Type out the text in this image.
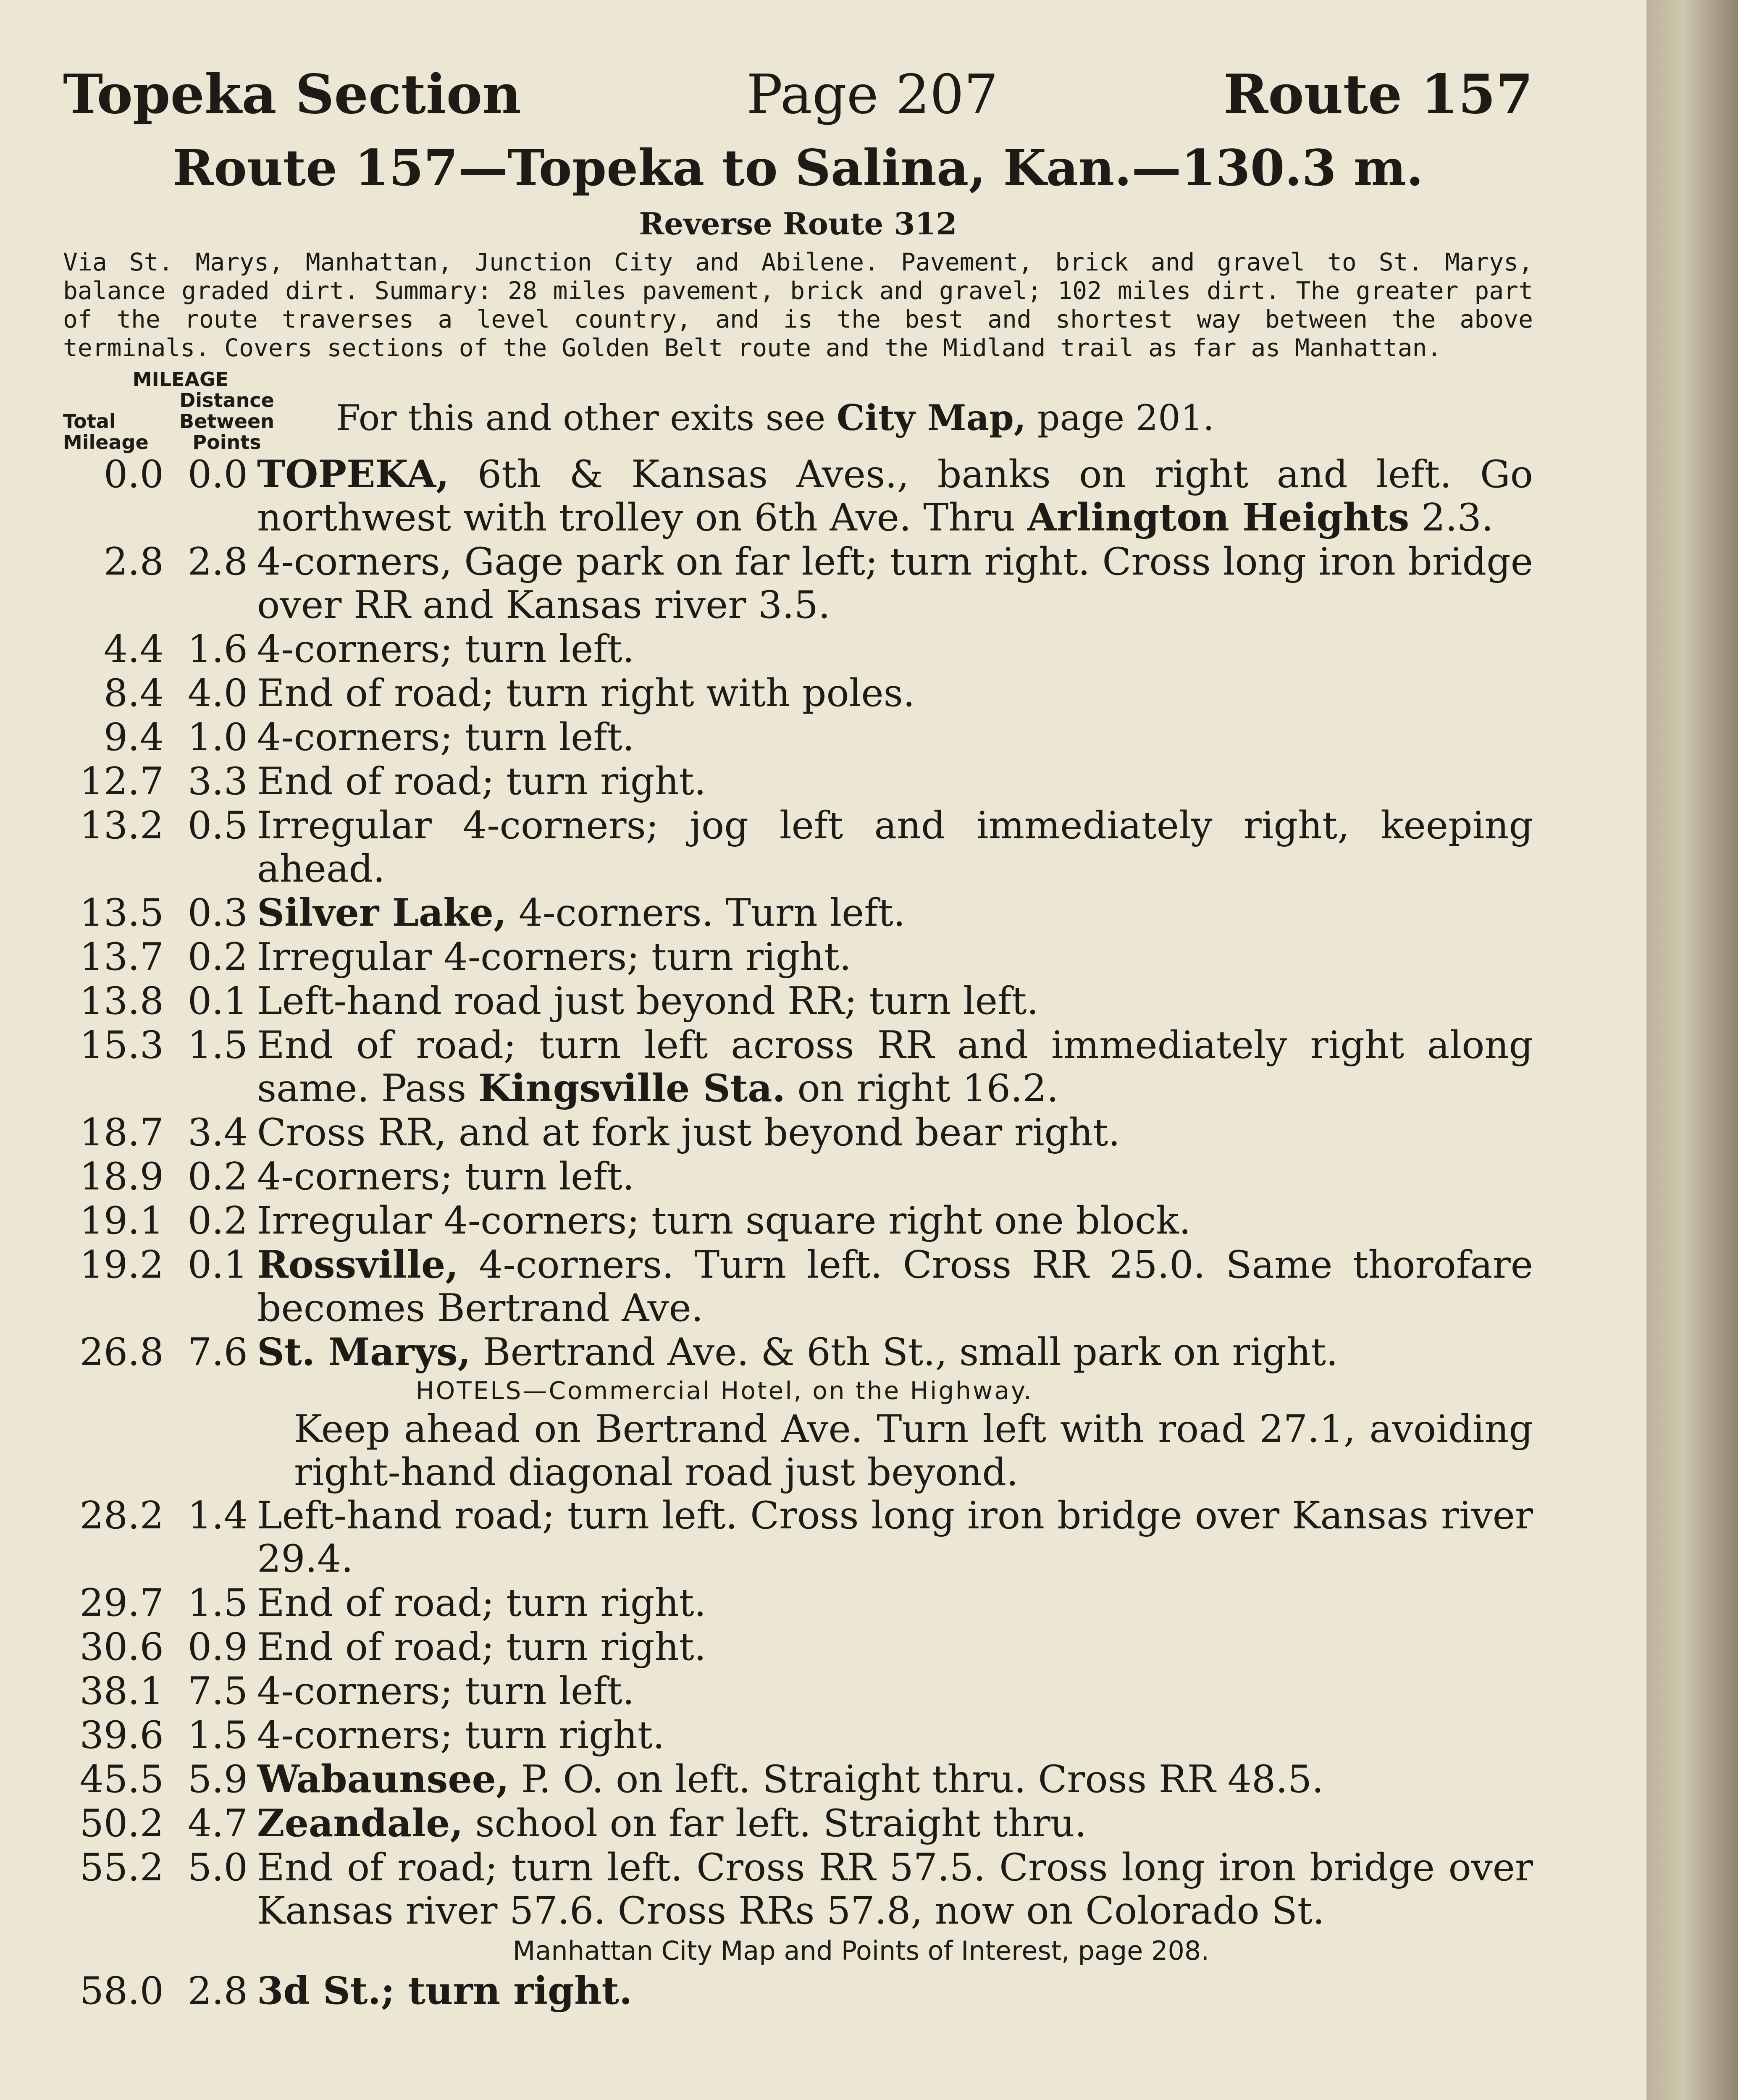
Topeka Section	Page 207	Route 157
Route 157—Topeka to Salina, Kan.—130.3 m.
Reverse Route 312
Via St. Marys, Manhattan, Junction City and Abilene. Pavement, brick and gravel to St. Marys, balance graded dirt. Summary: 28 miles pavement, brick and gravel; 102 miles dirt. The greater part of the route traverses a level country, and is the best and shortest way between the above terminals. Covers sections of the Golden Belt route and the Midland trail as far as Manhattan.
MILEAGE

Total
Mileage
Distance
Between
Points
For this and other exits see City Map, page 201.
0.0 0.0 TOPEKA, 6th & Kansas Aves., banks on right and left. Go northwest with trolley on 6th Ave. Thru Arlington Heights 2.3.
2.8 2.8 4-corners, Gage park on far left; turn right. Cross long iron bridge over RR and Kansas river 3.5.
4.4 1.6 4-corners; turn left.
8.4 4.0 End of road; turn right with poles.
9.4 1.0 4-corners; turn left.
12.7 3.3 End of road; turn right.
13.2 0.5 Irregular 4-corners; jog left and immediately right, keeping ahead.
13.5 0.3 Silver Lake, 4-corners. Turn left.
13.7 0.2 Irregular 4-corners; turn right.
13.8 0.1 Left-hand road just beyond RR; turn left.
15.3 1.5 End of road; turn left across RR and immediately right along same. Pass Kingsville Sta. on right 16.2.
18.7 3.4 Cross RR, and at fork just beyond bear right.
18.9 0.2 4-corners; turn left.
19.1 0.2 Irregular 4-corners; turn square right one block.
19.2 0.1 Rossville, 4-corners. Turn left. Cross RR 25.0. Same thorofare becomes Bertrand Ave.
26.8 7.6 St. Marys, Bertrand Ave. & 6th St., small park on right.
HOTELS—Commercial Hotel, on the Highway.
Keep ahead on Bertrand Ave. Turn left with road 27.1, avoiding right-hand diagonal road just beyond.
28.2 1.4 Left-hand road; turn left. Cross long iron bridge over Kansas river 29.4.
29.7 1.5 End of road; turn right.
30.6 0.9 End of road; turn right.
38.1 7.5 4-corners; turn left.
39.6 1.5 4-corners; turn right.
45.5 5.9 Wabaunsee, P. O. on left. Straight thru. Cross RR 48.5.
50.2 4.7 Zeandale, school on far left. Straight thru.
55.2 5.0 End of road; turn left. Cross RR 57.5. Cross long iron bridge over Kansas river 57.6. Cross RRs 57.8, now on Colorado St.
Manhattan City Map and Points of Interest, page 208.
58.0 2.8 3d St.; turn right.
